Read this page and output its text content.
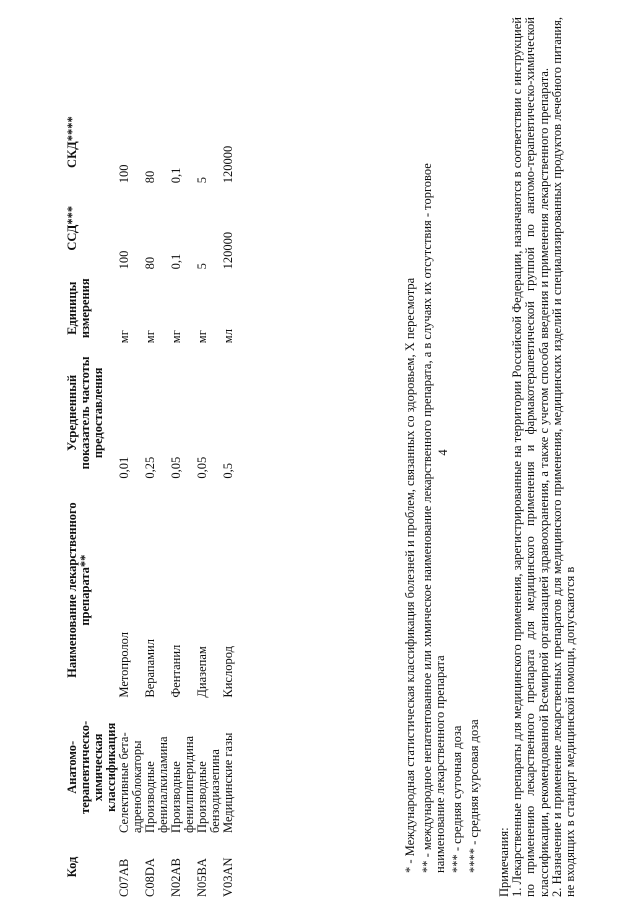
Код	Анатомо-терапевтическо-химическая классификация	Наименование лекарственного препарата**	Усредненный показатель частоты предоставления	Единицы измерения	ССД***	СКД****
C07AB	Селективные бета-адреноблокаторы	Метопролол	0,01	мг	100	100
C08DA	Производные фенилалкиламина	Верапамил	0,25	мг	80	80
N02AB	Производные фенилпиперидина	Фентанил	0,05	мг	0,1	0,1
N05BA	Производные бензодиазепина	Диазепам	0,05	мг	5	5
V03AN	Медицинские газы	Кислород	0,5	мл	120000	120000
4

* - Международная статистическая классификация болезней и проблем, связанных со здоровьем, X пересмотра ** - международное непатентованное или химическое наименование лекарственного препарата, а в случаях их отсутствия - торговое наименование лекарственного препарата *** - средняя суточная доза **** - средняя курсовая доза Примечания: 1. Лекарственные препараты для медицинского применения, зарегистрированные на территории Российской Федерации, назначаются в соответствии с инструкцией по применению лекарственного препарата для медицинского применения и фармакотерапевтической группой по анатомо-терапевтическо-химической классификации, рекомендованной Всемирной организацией здравоохранения, а также с учетом способа введения и применения лекарственного препарата. 2. Назначение и применение лекарственных препаратов для медицинского применения, медицинских изделий и специализированных продуктов лечебного питания, не входящих в стандарт медицинской помощи, допускаются в
